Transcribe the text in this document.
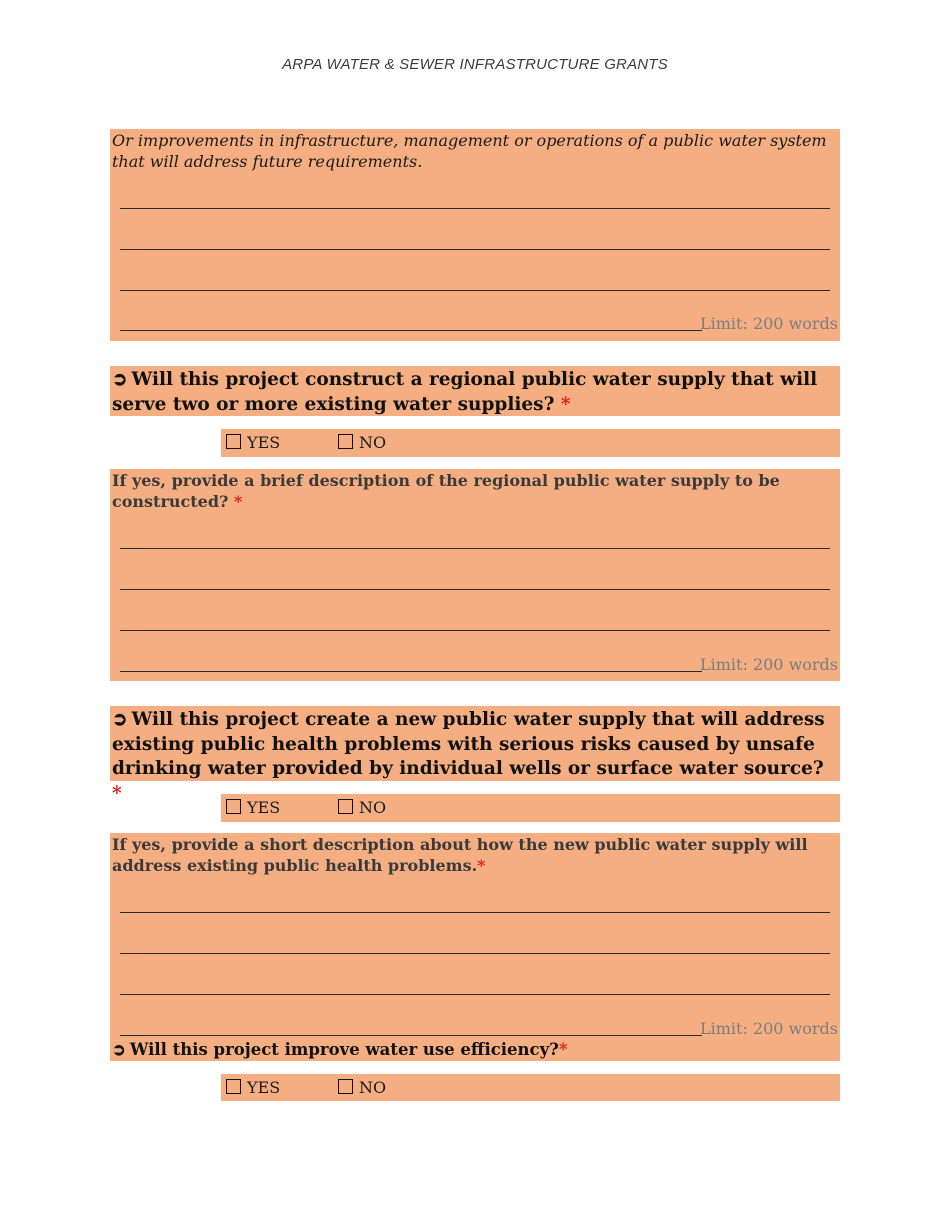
ARPA WATER & SEWER INFRASTRUCTURE GRANTS
Or improvements in infrastructure, management or operations of a public water system that will address future requirements.
Limit: 200 words
➲ Will this project construct a regional public water supply that will serve two or more existing water supplies? *
YES	NO
If yes, provide a brief description of the regional public water supply to be constructed? *
Limit: 200 words
➲ Will this project create a new public water supply that will address existing public health problems with serious risks caused by unsafe drinking water provided by individual wells or surface water source? *
YES	NO
If yes, provide a short description about how the new public water supply will address existing public health problems.*
Limit: 200 words
➲ Will this project improve water use efficiency?*
YES	NO
